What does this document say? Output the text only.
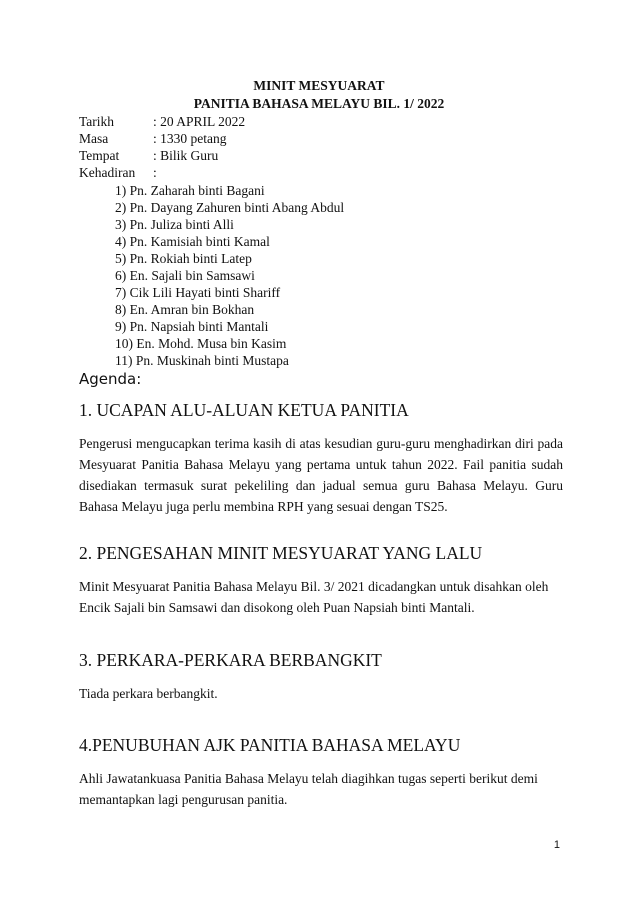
MINIT MESYUARAT
PANITIA BAHASA MELAYU BIL. 1/ 2022
Tarikh	: 20 APRIL 2022
Masa	: 1330 petang
Tempat	: Bilik Guru
Kehadiran	:
1) Pn. Zaharah binti Bagani
2) Pn. Dayang Zahuren binti Abang Abdul
3) Pn. Juliza binti Alli
4) Pn. Kamisiah binti Kamal
5) Pn. Rokiah binti Latep
6) En. Sajali bin Samsawi
7) Cik Lili Hayati binti Shariff
8) En. Amran bin Bokhan
9) Pn. Napsiah binti Mantali
10) En. Mohd. Musa bin Kasim
11) Pn. Muskinah binti Mustapa
Agenda:
1. UCAPAN ALU-ALUAN KETUA PANITIA
Pengerusi mengucapkan terima kasih di atas kesudian guru-guru menghadirkan diri pada Mesyuarat Panitia Bahasa Melayu yang pertama untuk tahun 2022. Fail panitia sudah disediakan termasuk surat pekeliling dan jadual semua guru Bahasa Melayu. Guru Bahasa Melayu juga perlu membina RPH yang sesuai dengan TS25.
2. PENGESAHAN MINIT MESYUARAT YANG LALU
Minit Mesyuarat Panitia Bahasa Melayu Bil. 3/ 2021 dicadangkan untuk disahkan oleh Encik Sajali bin Samsawi dan disokong oleh Puan Napsiah binti Mantali.
3. PERKARA-PERKARA BERBANGKIT
Tiada perkara berbangkit.
4.PENUBUHAN AJK PANITIA BAHASA MELAYU
Ahli Jawatankuasa Panitia Bahasa Melayu telah diagihkan tugas seperti berikut demi memantapkan lagi pengurusan panitia.
1
